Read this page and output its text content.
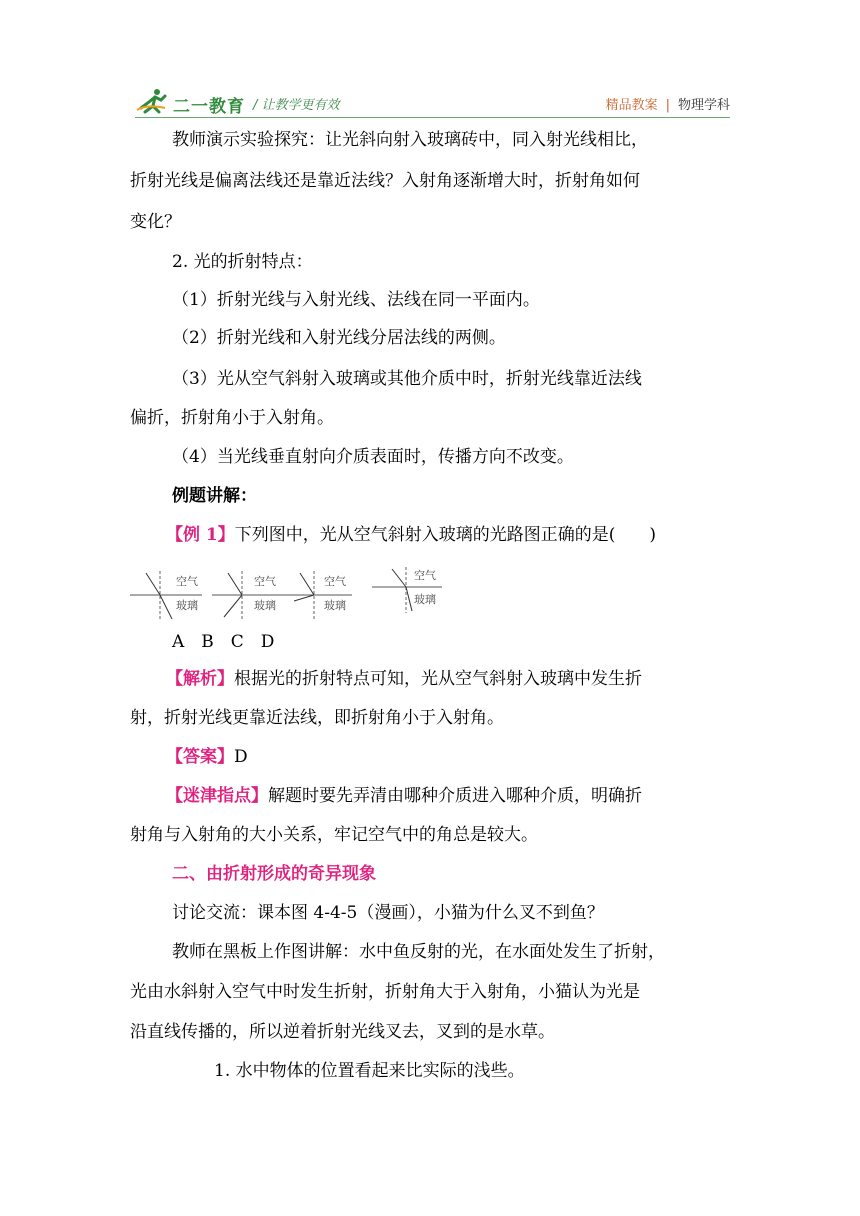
二一教育 / 让教学更有效	精品教案 | 物理学科
教师演示实验探究：让光斜向射入玻璃砖中，同入射光线相比，
折射光线是偏离法线还是靠近法线？入射角逐渐增大时，折射角如何
变化？
2. 光的折射特点：
（1）折射光线与入射光线、法线在同一平面内。
（2）折射光线和入射光线分居法线的两侧。
（3）光从空气斜射入玻璃或其他介质中时，折射光线靠近法线
偏折，折射角小于入射角。
（4）当光线垂直射向介质表面时，传播方向不改变。
例题讲解：
【例 1】下列图中，光从空气斜射入玻璃的光路图正确的是(　　)
空气
玻璃
空气
玻璃
空气
玻璃
空气
玻璃
A　B　C　D
【解析】根据光的折射特点可知，光从空气斜射入玻璃中发生折
射，折射光线更靠近法线，即折射角小于入射角。
【答案】D
【迷津指点】解题时要先弄清由哪种介质进入哪种介质，明确折
射角与入射角的大小关系，牢记空气中的角总是较大。
二、由折射形成的奇异现象
讨论交流：课本图 4-4-5（漫画），小猫为什么叉不到鱼？
教师在黑板上作图讲解：水中鱼反射的光，在水面处发生了折射，
光由水斜射入空气中时发生折射，折射角大于入射角，小猫认为光是
沿直线传播的，所以逆着折射光线叉去，叉到的是水草。
1. 水中物体的位置看起来比实际的浅些。
